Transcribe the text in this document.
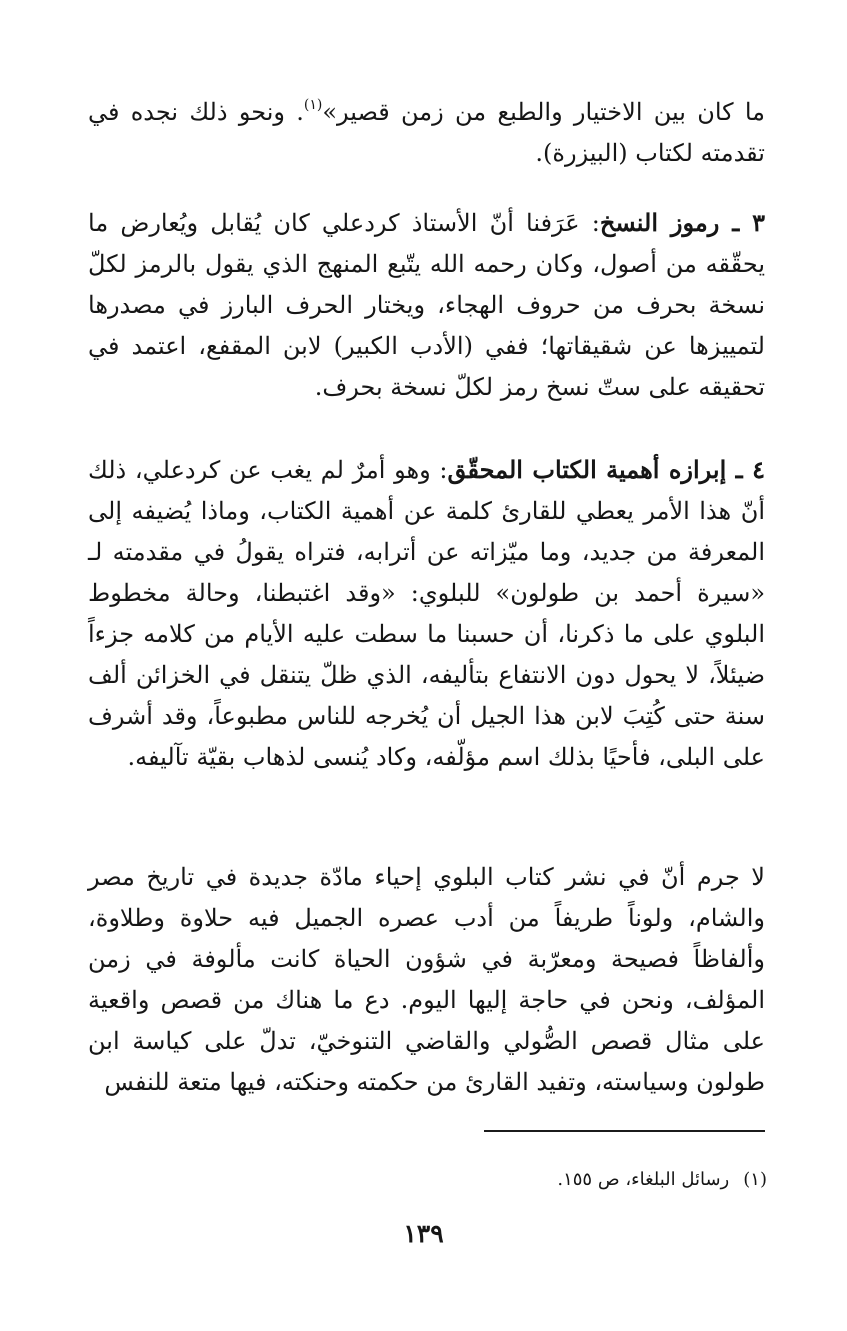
ما كان بين الاختيار والطبع من زمن قصير»$^{(١)}$. ونحو ذلك نجده في تقدمته لكتاب (البيزرة).

٣ ـ رموز النسخ: عَرَفنا أنّ الأستاذ كردعلي كان يُقابل ويُعارض ما يحقّقه من أصول، وكان رحمه الله يتّبع المنهج الذي يقول بالرمز لكلّ نسخة بحرف من حروف الهجاء، ويختار الحرف البارز في مصدرها لتمييزها عن شقيقاتها؛ ففي (الأدب الكبير) لابن المقفع، اعتمد في تحقيقه على ستّ نسخ رمز لكلّ نسخة بحرف.

٤ ـ إبرازه أهمية الكتاب المحقّق: وهو أمرٌ لم يغب عن كردعلي، ذلك أنّ هذا الأمر يعطي للقارئ كلمة عن أهمية الكتاب، وماذا يُضيفه إلى المعرفة من جديد، وما ميّزاته عن أترابه، فتراه يقولُ في مقدمته لـ «سيرة أحمد بن طولون» للبلوي: «وقد اغتبطنا، وحالة مخطوط البلوي على ما ذكرنا، أن حسبنا ما سطت عليه الأيام من كلامه جزءاً ضيئلاً، لا يحول دون الانتفاع بتأليفه، الذي ظلّ يتنقل في الخزائن ألف سنة حتى كُتِبَ لابن هذا الجيل أن يُخرجه للناس مطبوعاً، وقد أشرف على البلى، فأحيًا بذلك اسم مؤلّفه، وكاد يُنسى لذهاب بقيّة تآليفه.

لا جرم أنّ في نشر كتاب البلوي إحياء مادّة جديدة في تاريخ مصر والشام، ولوناً طريفاً من أدب عصره الجميل فيه حلاوة وطلاوة، وألفاظاً فصيحة ومعرّبة في شؤون الحياة كانت مألوفة في زمن المؤلف، ونحن في حاجة إليها اليوم. دع ما هناك من قصص واقعية على مثال قصص الصُّولي والقاضي التنوخيّ، تدلّ على كياسة ابن طولون وسياسته، وتفيد القارئ من حكمته وحنكته، فيها متعة للنفس

(١)رسائل البلغاء، ص ١٥٥.

١٣٩
